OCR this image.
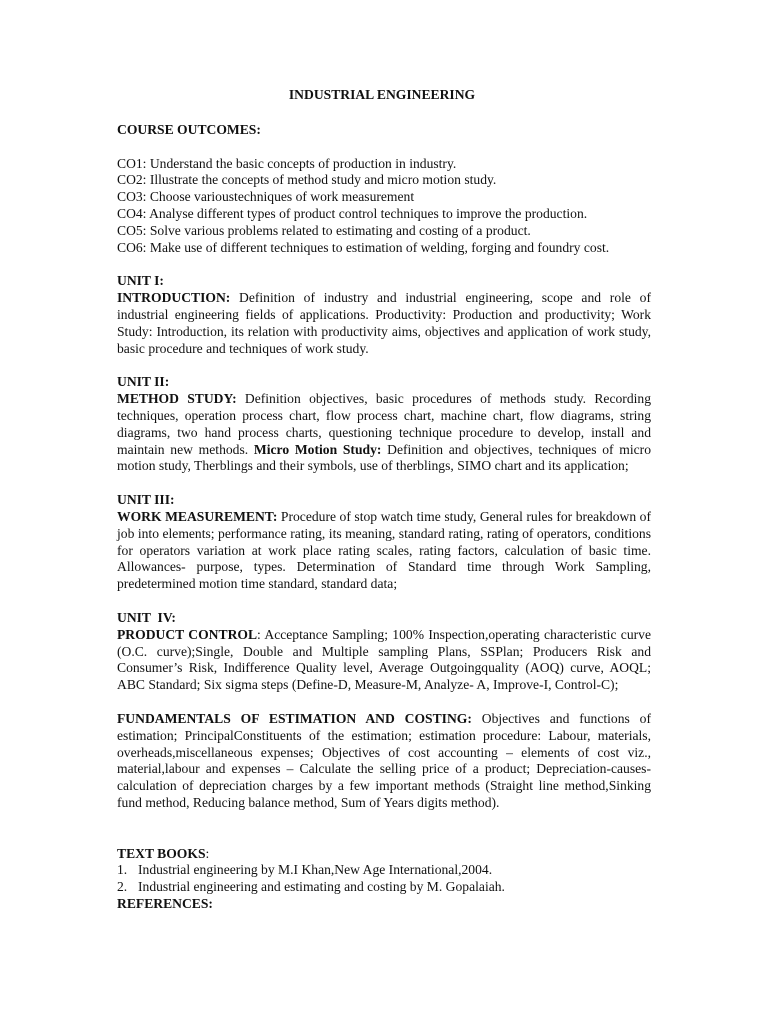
INDUSTRIAL ENGINEERING

COURSE OUTCOMES:

CO1: Understand the basic concepts of production in industry.

CO2: Illustrate the concepts of method study and micro motion study.

CO3: Choose varioustechniques of work measurement

CO4: Analyse different types of product control techniques to improve the production.

CO5: Solve various problems related to estimating and costing of a product.

CO6: Make use of different techniques to estimation of welding, forging and foundry cost.

UNIT I:

INTRODUCTION: Definition of industry and industrial engineering, scope and role of industrial engineering fields of applications. Productivity: Production and productivity; Work Study: Introduction, its relation with productivity aims, objectives and application of work study, basic procedure and techniques of work study.

UNIT II:

METHOD STUDY: Definition objectives, basic procedures of methods study. Recording techniques, operation process chart, flow process chart, machine chart, flow diagrams, string diagrams, two hand process charts, questioning technique procedure to develop, install and maintain new methods. Micro Motion Study: Definition and objectives, techniques of micro motion study, Therblings and their symbols, use of therblings, SIMO chart and its application;

UNIT III:

WORK MEASUREMENT: Procedure of stop watch time study, General rules for breakdown of job into elements; performance rating, its meaning, standard rating, rating of operators, conditions for operators variation at work place rating scales, rating factors, calculation of basic time. Allowances- purpose, types. Determination of Standard time through Work Sampling, predetermined motion time standard, standard data;

UNIT  IV:

PRODUCT CONTROL: Acceptance Sampling; 100% Inspection,operating characteristic curve (O.C. curve);Single, Double and Multiple sampling Plans, SSPlan; Producers Risk and Consumer’s Risk, Indifference Quality level, Average Outgoingquality (AOQ) curve, AOQL; ABC Standard; Six sigma steps (Define-D, Measure-M, Analyze- A, Improve-I, Control-C);

FUNDAMENTALS OF ESTIMATION AND COSTING: Objectives and functions of estimation; PrincipalConstituents of the estimation; estimation procedure: Labour, materials, overheads,miscellaneous expenses; Objectives of cost accounting – elements of cost viz., material,labour and expenses – Calculate the selling price of a product; Depreciation-causes-calculation of depreciation charges by a few important methods (Straight line method,Sinking fund method, Reducing balance method, Sum of Years digits method).

TEXT BOOKS:

1. Industrial engineering by M.I Khan,New Age International,2004.

2. Industrial engineering and estimating and costing by M. Gopalaiah.

REFERENCES:
